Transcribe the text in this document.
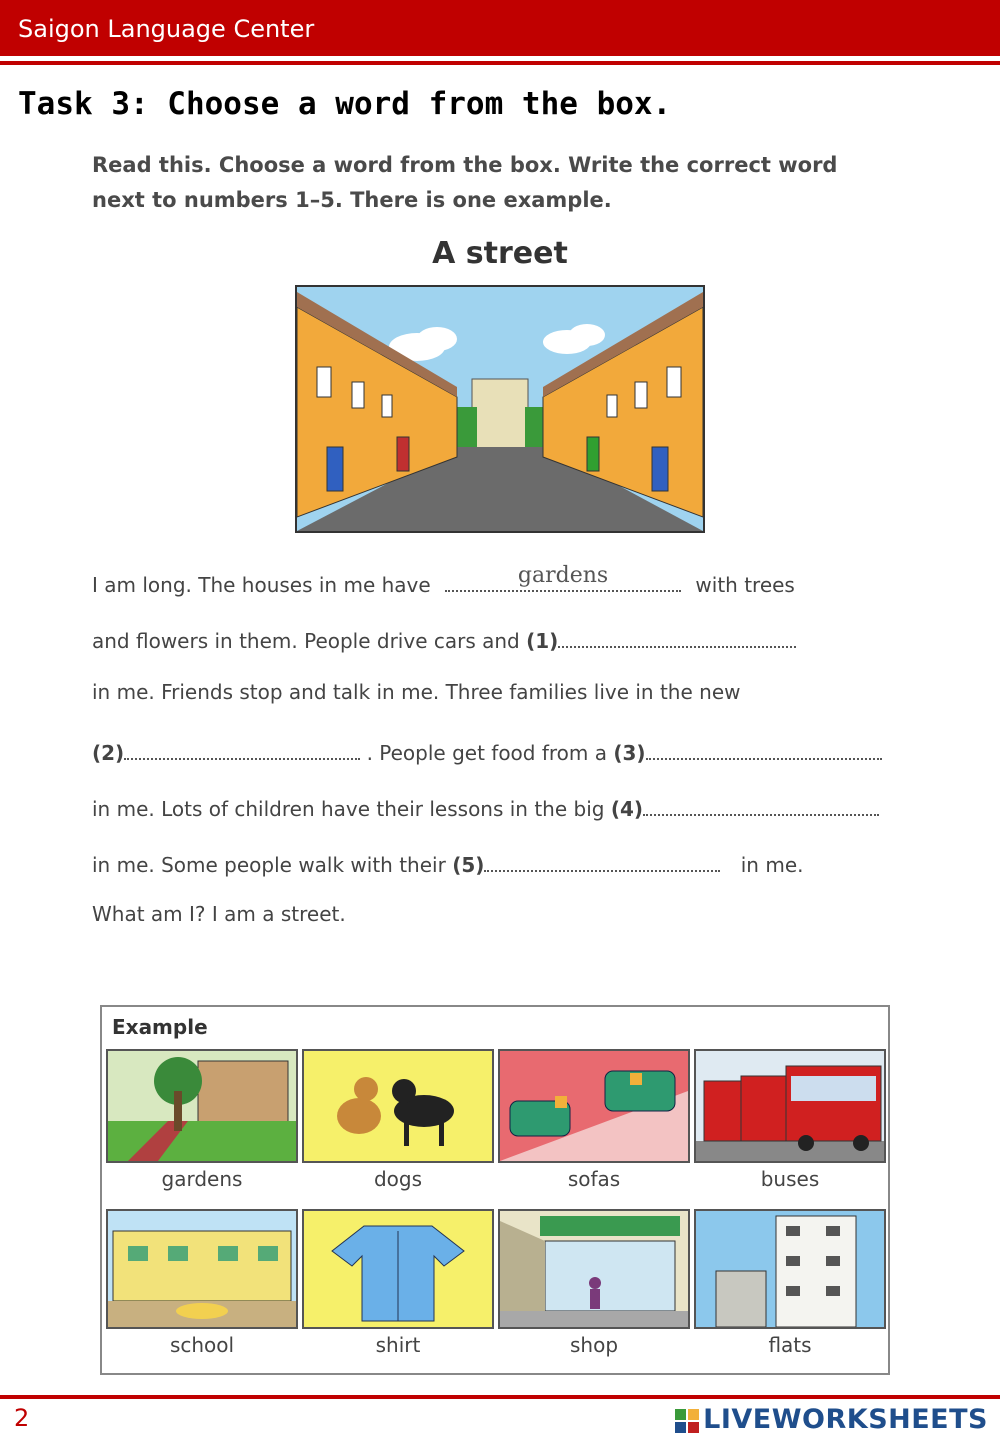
Saigon Language Center
Task 3: Choose a word from the box.
Read this. Choose a word from the box. Write the correct word
next to numbers 1–5. There is one example.
A street
I am long. The houses in me have	gardens	with trees
and flowers in them. People drive cars and (1)
in me. Friends stop and talk in me. Three families live in the new
(2)	. People get food from a (3)
in me. Lots of children have their lessons in the big (4)
in me. Some people walk with their (5)	in me.
What am I? I am a street.
Example
gardens	dogs	sofas	buses
school	shirt	shop	flats
2	LIVEWORKSHEETS
